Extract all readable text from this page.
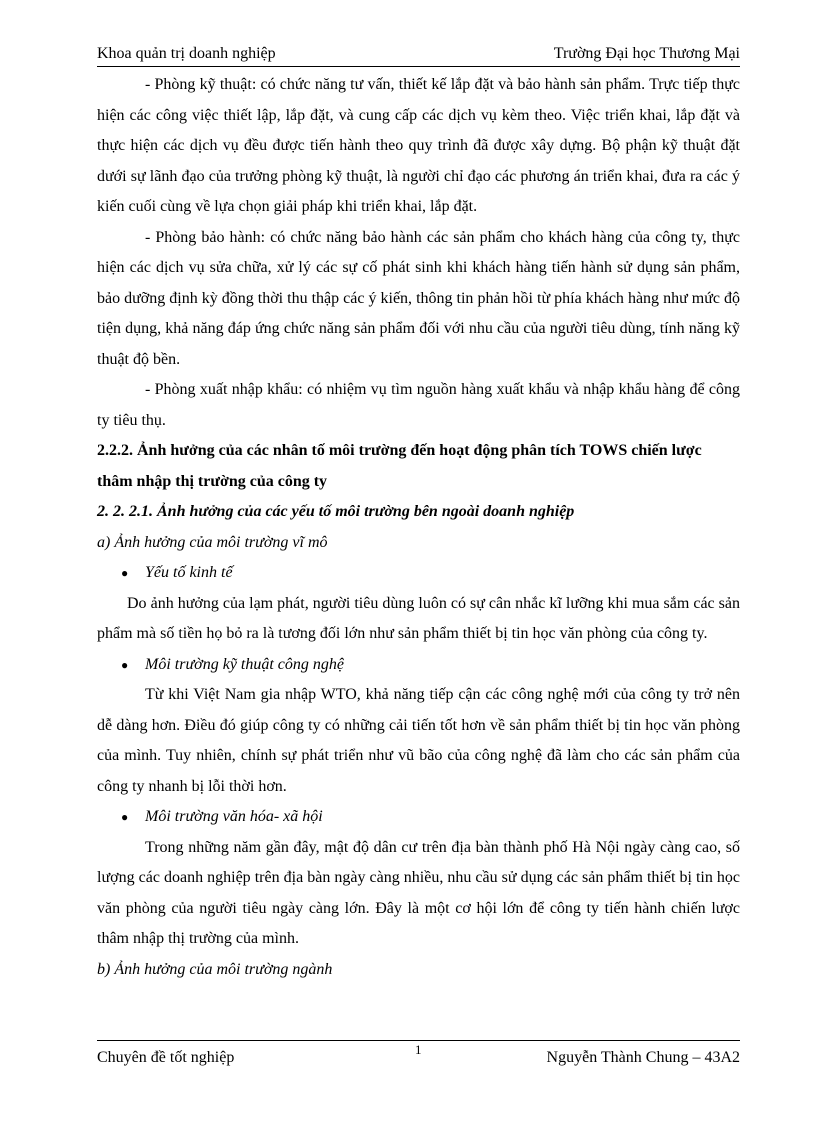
Khoa quản trị doanh nghiệp	Trường Đại học Thương Mại

- Phòng kỹ thuật: có chức năng tư vấn, thiết kế lắp đặt và bảo hành sản phẩm. Trực tiếp thực hiện các công việc thiết lập, lắp đặt, và cung cấp các dịch vụ kèm theo. Việc triển khai, lắp đặt và thực hiện các dịch vụ đều được tiến hành theo quy trình đã được xây dựng. Bộ phận kỹ thuật đặt dưới sự lãnh đạo của trưởng phòng kỹ thuật, là người chỉ đạo các phương án triển khai, đưa ra các ý kiến cuối cùng về lựa chọn giải pháp khi triển khai, lắp đặt.

- Phòng bảo hành: có chức năng bảo hành các sản phẩm cho khách hàng của công ty, thực hiện các dịch vụ sửa chữa, xử lý các sự cố phát sinh khi khách hàng tiến hành sử dụng sản phẩm, bảo dưỡng định kỳ đồng thời thu thập các ý kiến, thông tin phản hồi từ phía khách hàng như mức độ tiện dụng, khả năng đáp ứng chức năng sản phẩm đối với nhu cầu của người tiêu dùng, tính năng kỹ thuật độ bền.

- Phòng xuất nhập khẩu: có nhiệm vụ tìm nguồn hàng xuất khẩu và nhập khẩu hàng để công ty tiêu thụ.

2.2.2. Ảnh hưởng của các nhân tố môi trường đến hoạt động phân tích TOWS chiến lược thâm nhập thị trường của công ty

2. 2. 2.1. Ảnh hưởng của các yếu tố môi trường bên ngoài doanh nghiệp

a) Ảnh hưởng của môi trường vĩ mô

● Yếu tố kinh tế

Do ảnh hưởng của lạm phát, người tiêu dùng luôn có sự cân nhắc kĩ lưỡng khi mua sắm các sản phẩm mà số tiền họ bỏ ra là tương đối lớn như sản phẩm thiết bị tin học văn phòng của công ty.

● Môi trường kỹ thuật công nghệ

Từ khi Việt Nam gia nhập WTO, khả năng tiếp cận các công nghệ mới của công ty trở nên dễ dàng hơn. Điều đó giúp công ty có những cải tiến tốt hơn về sản phẩm thiết bị tin học văn phòng của mình. Tuy nhiên, chính sự phát triển như vũ bão của công nghệ đã làm cho các sản phẩm của công ty nhanh bị lỗi thời hơn.

● Môi trường văn hóa- xã hội

Trong những năm gần đây, mật độ dân cư trên địa bàn thành phố Hà Nội ngày càng cao, số lượng các doanh nghiệp trên địa bàn ngày càng nhiều, nhu cầu sử dụng các sản phẩm thiết bị tin học văn phòng của người tiêu ngày càng lớn. Đây là một cơ hội lớn để công ty tiến hành chiến lược thâm nhập thị trường của mình.

b) Ảnh hưởng của môi trường ngành

Chuyên đề tốt nghiệp	1	Nguyễn Thành Chung – 43A2
